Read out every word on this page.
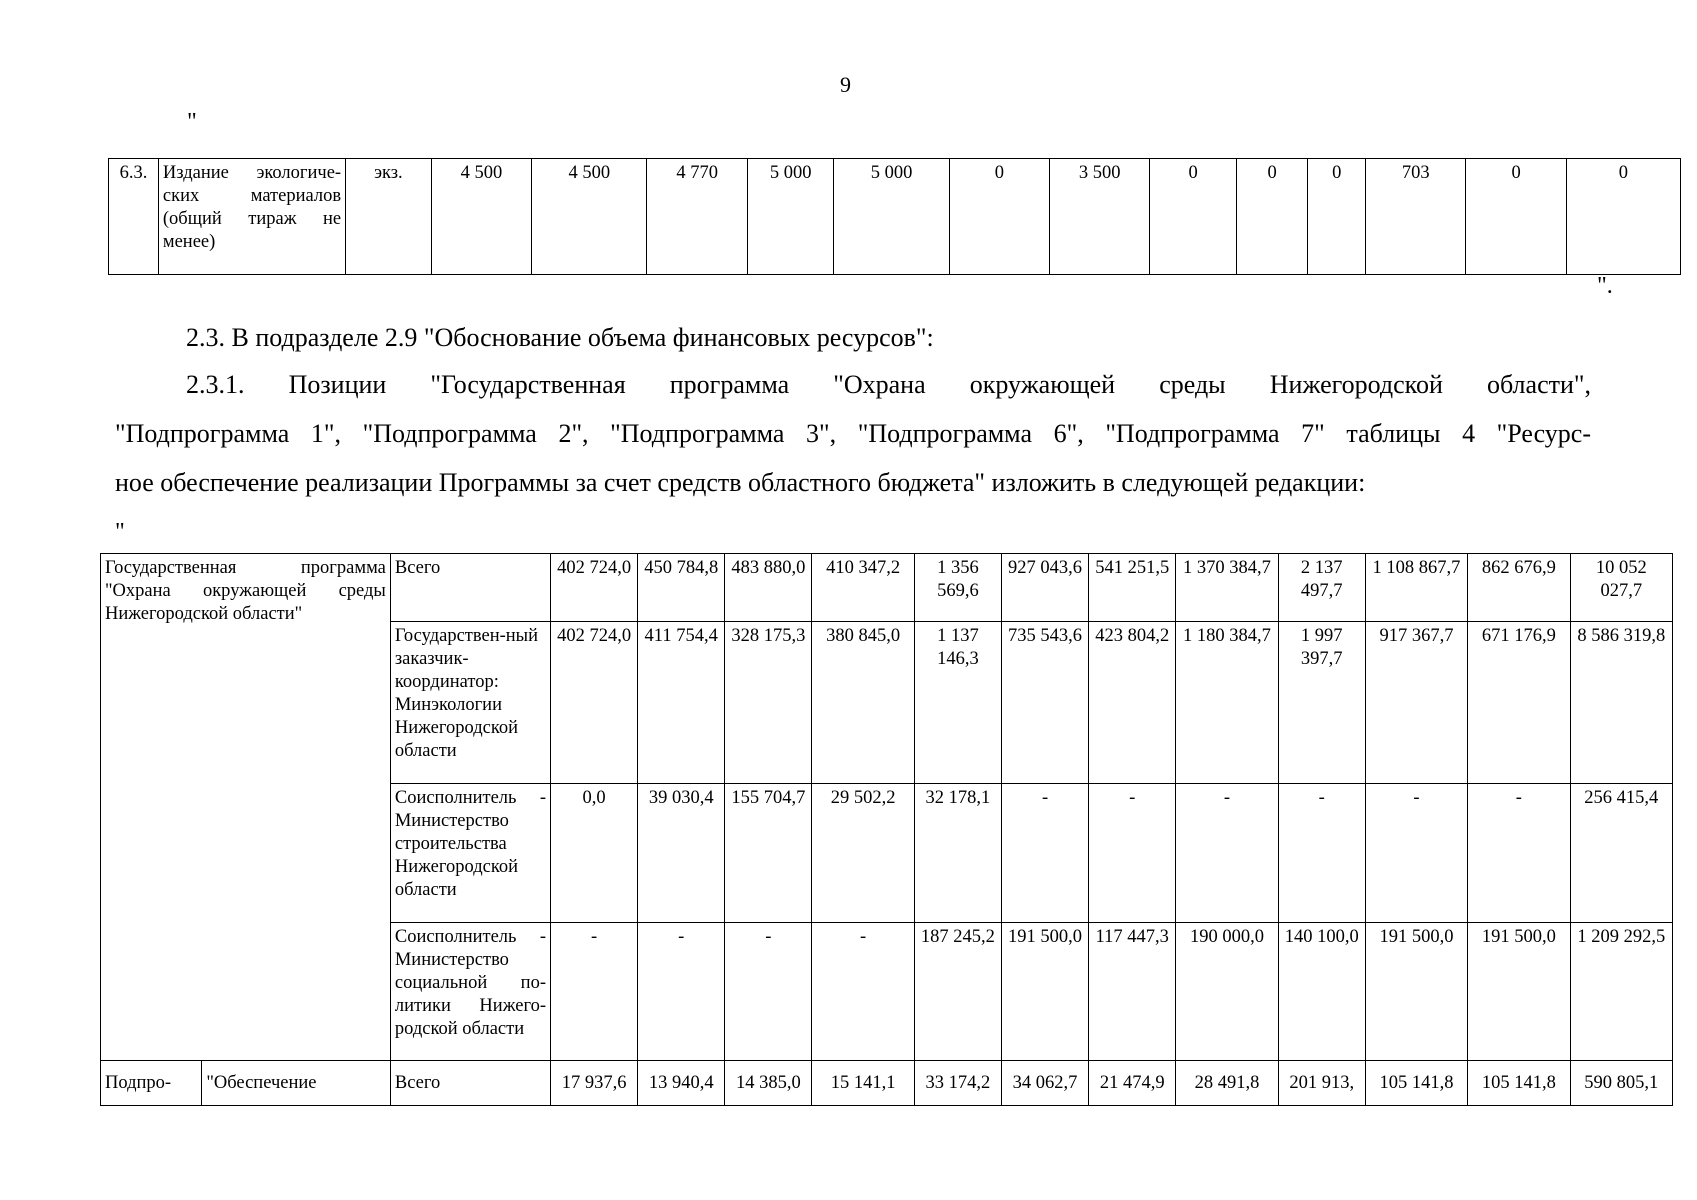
9
"
6.3.	Издание экологиче-ских материалов (общий тираж не менее)	экз.	4 500	4 500	4 770	5 000	5 000	0	3 500	0	0	0	703	0	0
".
2.3. В подразделе 2.9 "Обоснование объема финансовых ресурсов":
2.3.1. Позиции "Государственная программа "Охрана окружающей среды Нижегородской области",
"Подпрограмма 1", "Подпрограмма 2", "Подпрограмма 3", "Подпрограмма 6", "Подпрограмма 7" таблицы 4 "Ресурс-
ное обеспечение реализации Программы за счет средств областного бюджета" изложить в следующей редакции:
"
Государственная программа "Охрана окружающей среды Нижегородской области"		Всего	402 724,0	450 784,8	483 880,0	410 347,2	1 356 569,6	927 043,6	541 251,5	1 370 384,7	2 137 497,7	1 108 867,7	862 676,9	10 052 027,7
		Государствен-ный заказчик-координатор: Минэкологии Нижегородской области	402 724,0	411 754,4	328 175,3	380 845,0	1 137 146,3	735 543,6	423 804,2	1 180 384,7	1 997 397,7	917 367,7	671 176,9	8 586 319,8
		Соисполнитель - Министерство строительства Нижегородской области	0,0	39 030,4	155 704,7	29 502,2	32 178,1	-	-	-	-	-	-	256 415,4
		Соисполнитель - Министерство социальной по-литики Нижего-родской области	-	-	-	-	187 245,2	191 500,0	117 447,3	190 000,0	140 100,0	191 500,0	191 500,0	1 209 292,5
Подпро-	"Обеспечение	Всего	17 937,6	13 940,4	14 385,0	15 141,1	33 174,2	34 062,7	21 474,9	28 491,8	201 913,	105 141,8	105 141,8	590 805,1
